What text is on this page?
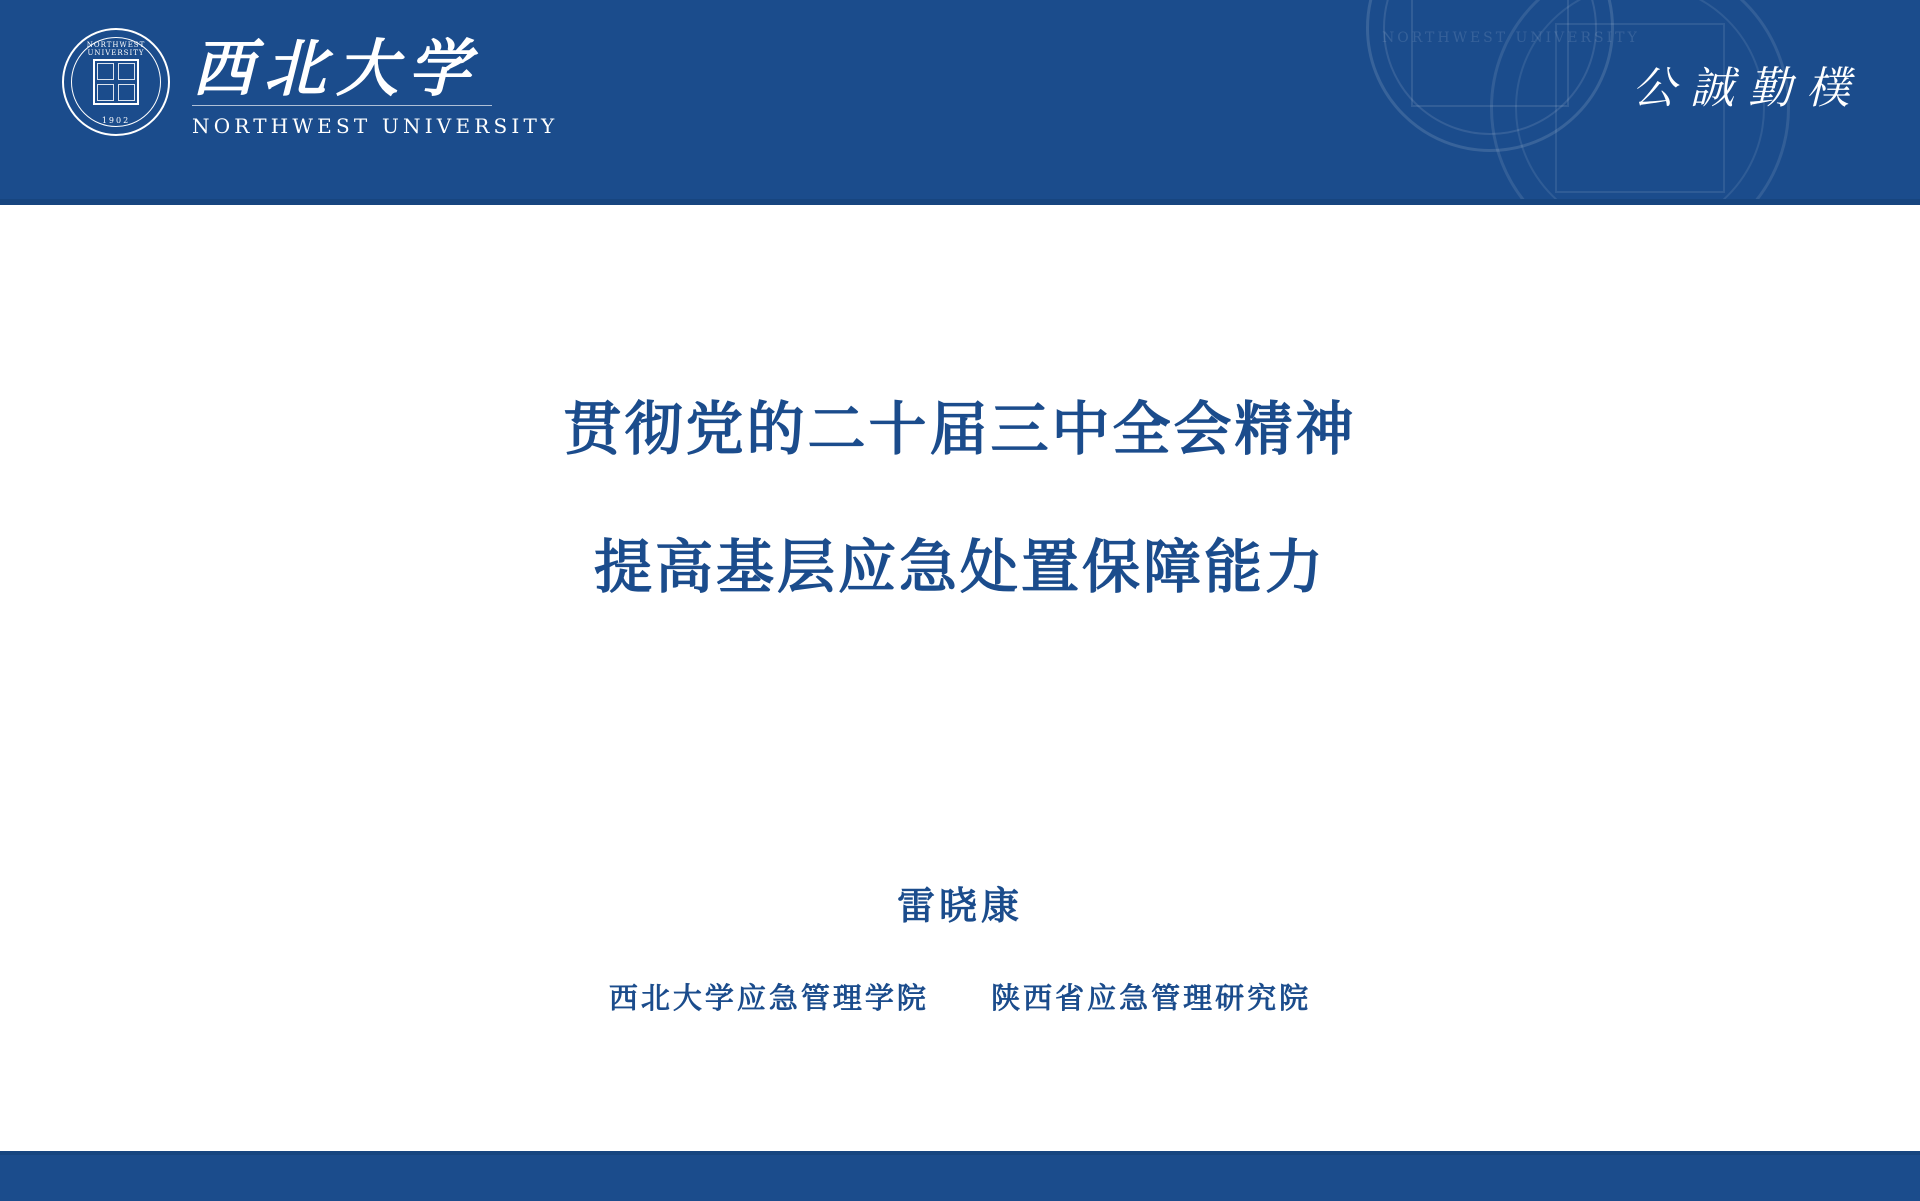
NORTHWEST UNIVERSITY
NORTHWEST UNIVERSITY
1902
西北大学
NORTHWEST UNIVERSITY
公誠勤樸
贯彻党的二十届三中全会精神
提高基层应急处置保障能力
雷晓康
西北大学应急管理学院 陕西省应急管理研究院
